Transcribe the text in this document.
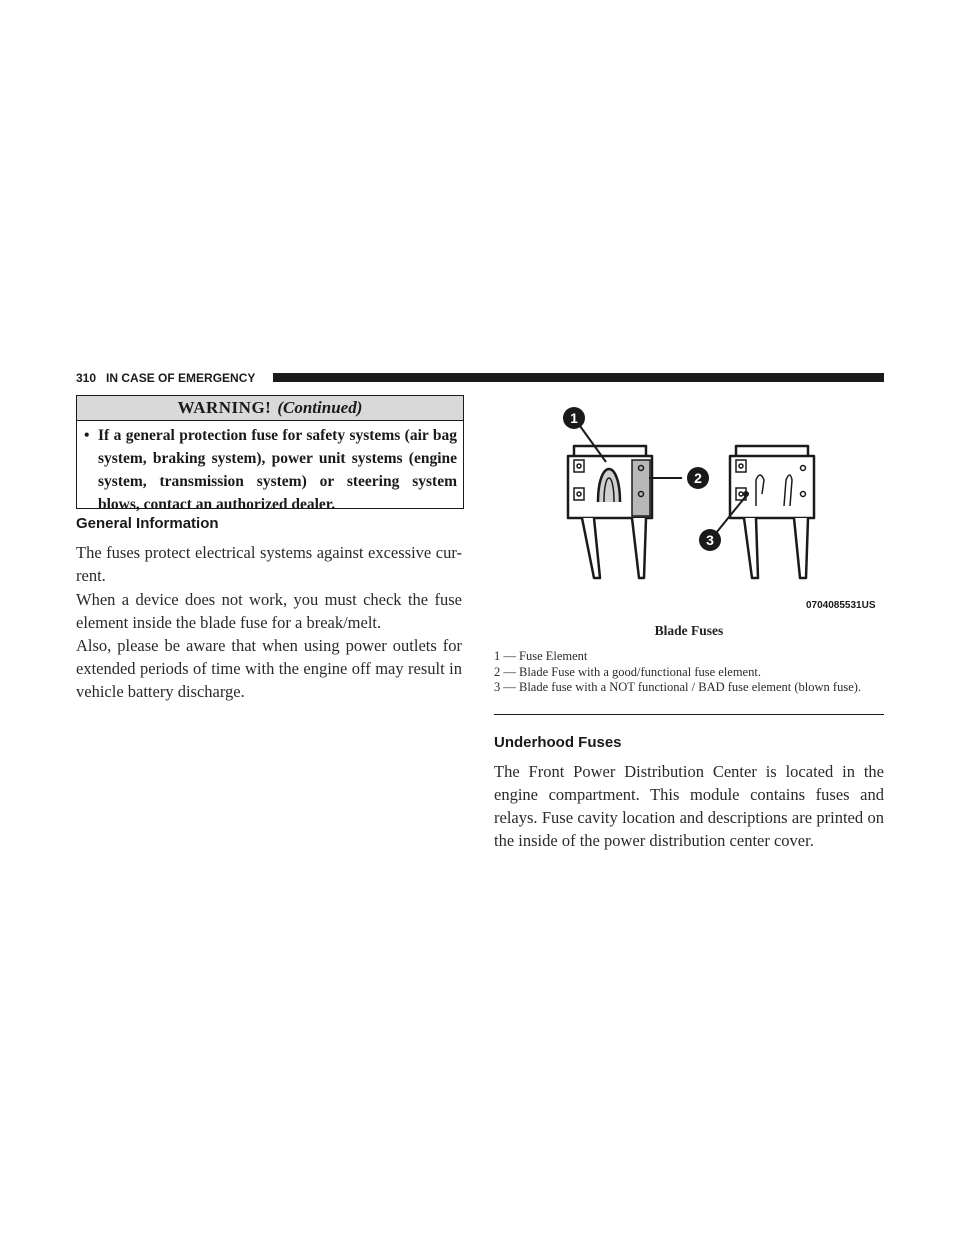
310 IN CASE OF EMERGENCY
WARNING! (Continued)
• If a general protection fuse for safety systems (air bag system, braking system), power unit systems (engine system, transmission system) or steering system blows, contact an authorized dealer.
General Information

The fuses protect electrical systems against excessive cur- rent.

When a device does not work, you must check the fuse element inside the blade fuse for a break/melt.

Also, please be aware that when using power outlets for extended periods of time with the engine off may result in vehicle battery discharge.

1
2
3
0704085531US
Blade Fuses
1 — Fuse Element
2 — Blade Fuse with a good/functional fuse element.
3 — Blade fuse with a NOT functional / BAD fuse element (blown fuse).
Underhood Fuses

The Front Power Distribution Center is located in the engine compartment. This module contains fuses and relays. Fuse cavity location and descriptions are printed on the inside of the power distribution center cover.
